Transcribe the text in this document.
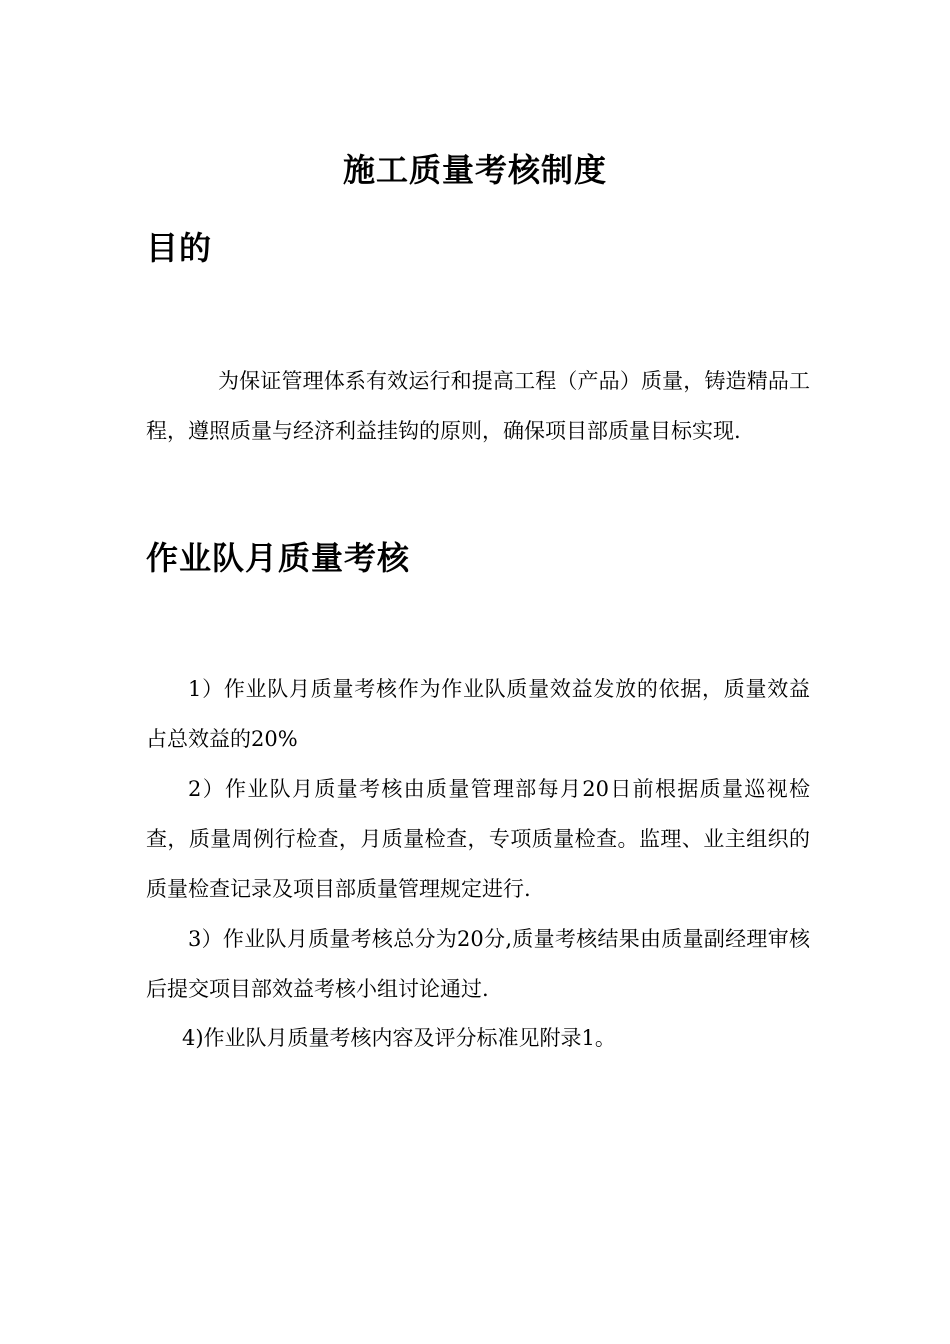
施工质量考核制度
目的
为保证管理体系有效运行和提高工程（产品）质量，铸造精品工程，遵照质量与经济利益挂钩的原则，确保项目部质量目标实现.
作业队月质量考核
1）作业队月质量考核作为作业队质量效益发放的依据，质量效益占总效益的20%
2）作业队月质量考核由质量管理部每月20日前根据质量巡视检查，质量周例行检查，月质量检查，专项质量检查。监理、业主组织的质量检查记录及项目部质量管理规定进行.
3）作业队月质量考核总分为20分,质量考核结果由质量副经理审核后提交项目部效益考核小组讨论通过.
4)作业队月质量考核内容及评分标准见附录1。
